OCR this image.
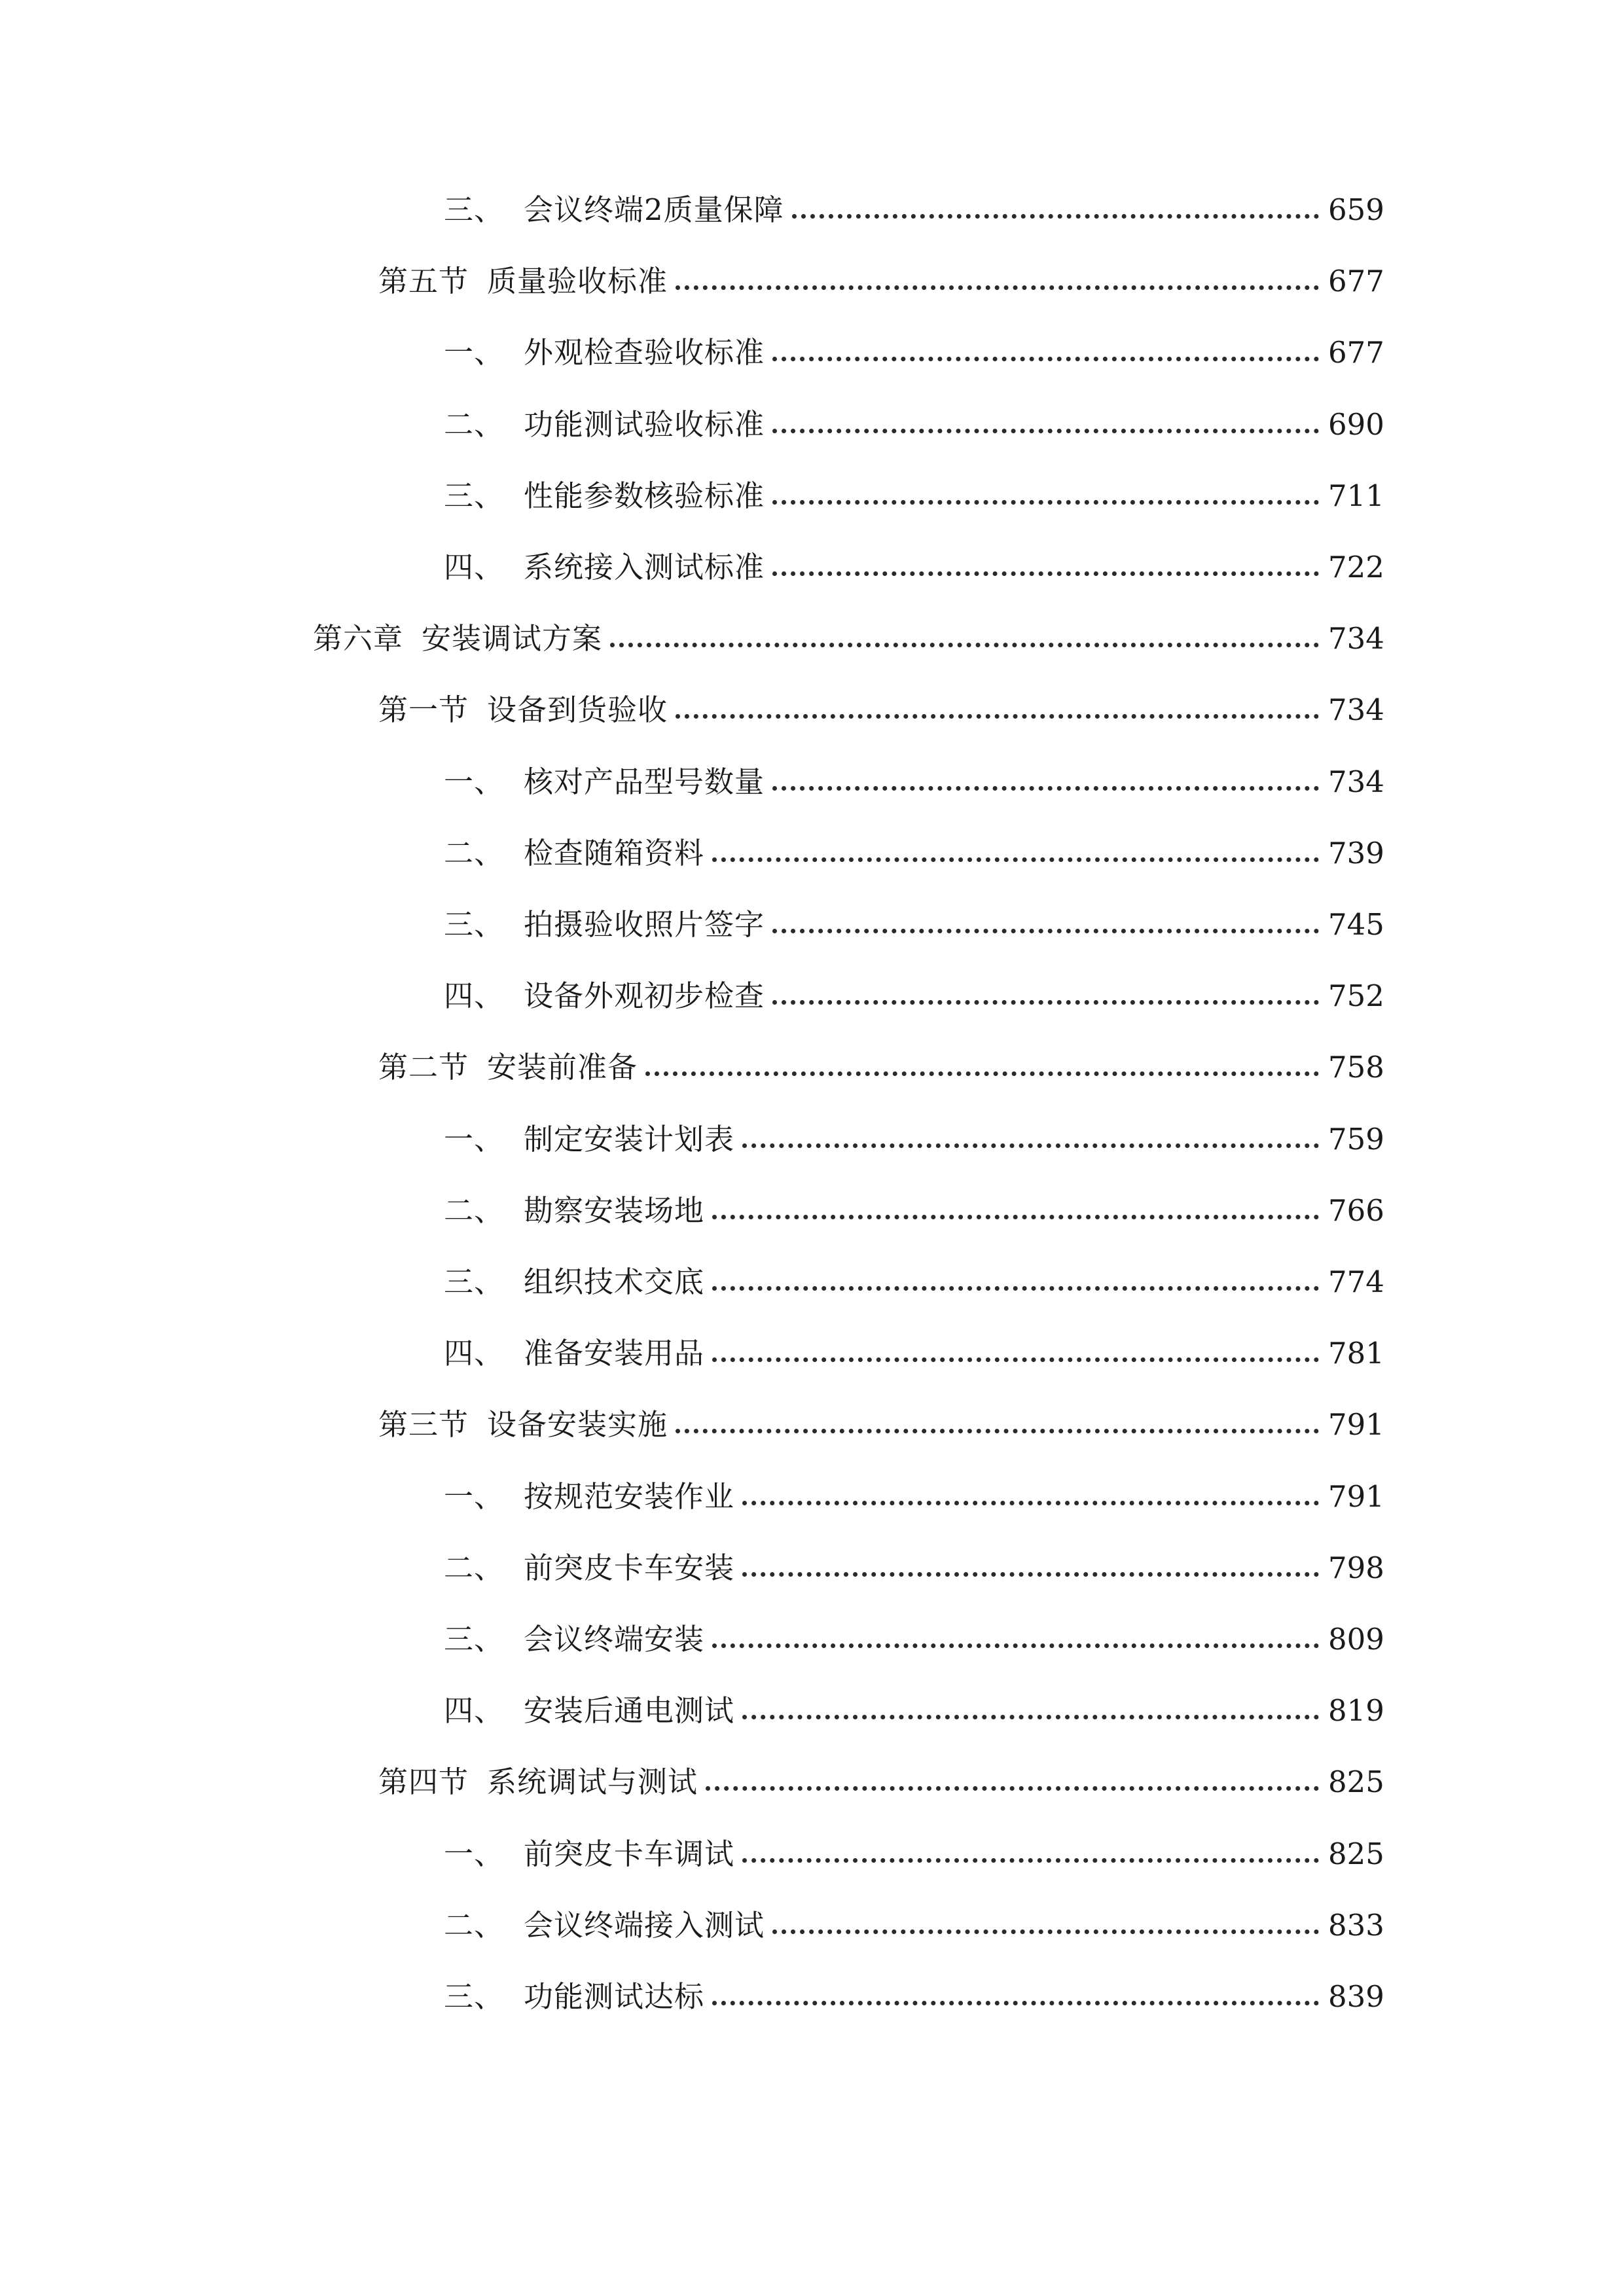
三、 会议终端2质量保障	659
第五节 质量验收标准	677
一、 外观检查验收标准	677
二、 功能测试验收标准	690
三、 性能参数核验标准	711
四、 系统接入测试标准	722
第六章 安装调试方案	734
第一节 设备到货验收	734
一、 核对产品型号数量	734
二、 检查随箱资料	739
三、 拍摄验收照片签字	745
四、 设备外观初步检查	752
第二节 安装前准备	758
一、 制定安装计划表	759
二、 勘察安装场地	766
三、 组织技术交底	774
四、 准备安装用品	781
第三节 设备安装实施	791
一、 按规范安装作业	791
二、 前突皮卡车安装	798
三、 会议终端安装	809
四、 安装后通电测试	819
第四节 系统调试与测试	825
一、 前突皮卡车调试	825
二、 会议终端接入测试	833
三、 功能测试达标	839
